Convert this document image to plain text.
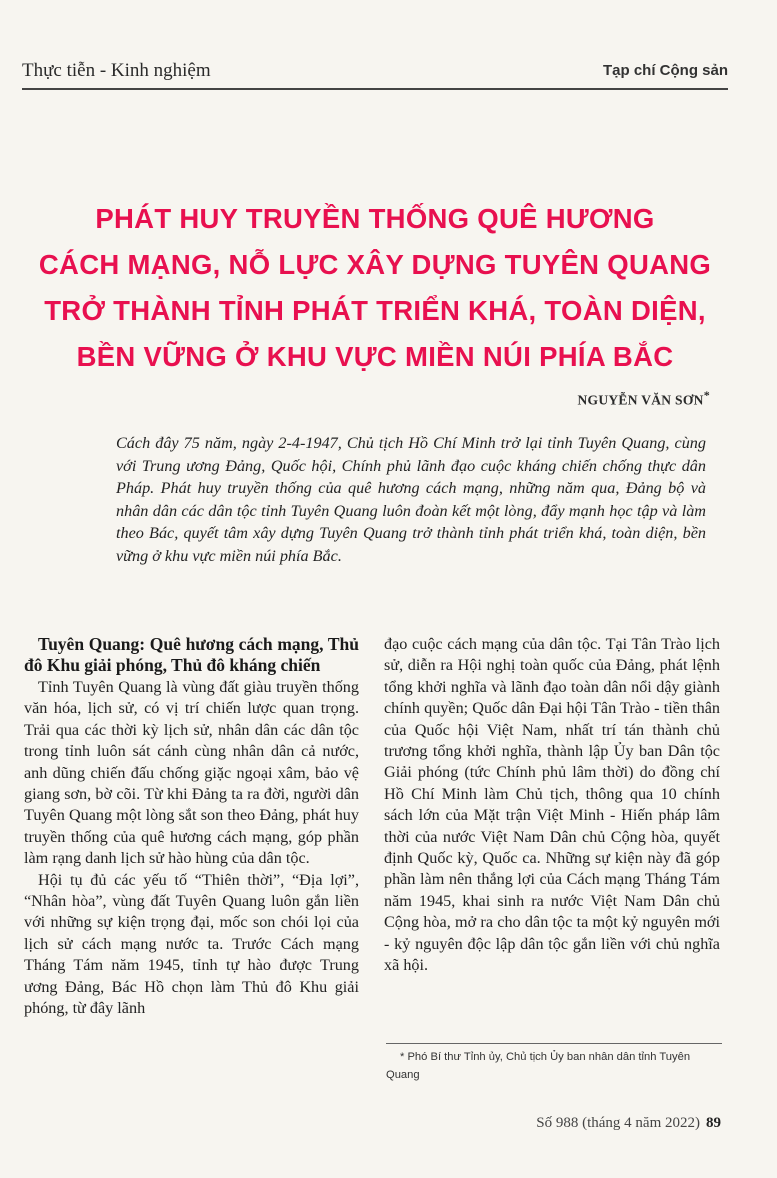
Thực tiễn - Kinh nghiệm	Tạp chí Cộng sản
PHÁT HUY TRUYỀN THỐNG QUÊ HƯƠNG
CÁCH MẠNG, NỖ LỰC XÂY DỰNG TUYÊN QUANG
TRỞ THÀNH TỈNH PHÁT TRIỂN KHÁ, TOÀN DIỆN,
BỀN VỮNG Ở KHU VỰC MIỀN NÚI PHÍA BẮC
NGUYỄN VĂN SƠN*

Cách đây 75 năm, ngày 2-4-1947, Chủ tịch Hồ Chí Minh trở lại tỉnh Tuyên Quang, cùng với Trung ương Đảng, Quốc hội, Chính phủ lãnh đạo cuộc kháng chiến chống thực dân Pháp. Phát huy truyền thống của quê hương cách mạng, những năm qua, Đảng bộ và nhân dân các dân tộc tỉnh Tuyên Quang luôn đoàn kết một lòng, đẩy mạnh học tập và làm theo Bác, quyết tâm xây dựng Tuyên Quang trở thành tỉnh phát triển khá, toàn diện, bền vững ở khu vực miền núi phía Bắc.

Tuyên Quang: Quê hương cách mạng, Thủ đô Khu giải phóng, Thủ đô kháng chiến

Tỉnh Tuyên Quang là vùng đất giàu truyền thống văn hóa, lịch sử, có vị trí chiến lược quan trọng. Trải qua các thời kỳ lịch sử, nhân dân các dân tộc trong tỉnh luôn sát cánh cùng nhân dân cả nước, anh dũng chiến đấu chống giặc ngoại xâm, bảo vệ giang sơn, bờ cõi. Từ khi Đảng ta ra đời, người dân Tuyên Quang một lòng sắt son theo Đảng, phát huy truyền thống của quê hương cách mạng, góp phần làm rạng danh lịch sử hào hùng của dân tộc.

Hội tụ đủ các yếu tố “Thiên thời”, “Địa lợi”, “Nhân hòa”, vùng đất Tuyên Quang luôn gắn liền với những sự kiện trọng đại, mốc son chói lọi của lịch sử cách mạng nước ta. Trước Cách mạng Tháng Tám năm 1945, tỉnh tự hào được Trung ương Đảng, Bác Hồ chọn làm Thủ đô Khu giải phóng, từ đây lãnh

đạo cuộc cách mạng của dân tộc. Tại Tân Trào lịch sử, diễn ra Hội nghị toàn quốc của Đảng, phát lệnh tổng khởi nghĩa và lãnh đạo toàn dân nổi dậy giành chính quyền; Quốc dân Đại hội Tân Trào - tiền thân của Quốc hội Việt Nam, nhất trí tán thành chủ trương tổng khởi nghĩa, thành lập Ủy ban Dân tộc Giải phóng (tức Chính phủ lâm thời) do đồng chí Hồ Chí Minh làm Chủ tịch, thông qua 10 chính sách lớn của Mặt trận Việt Minh - Hiến pháp lâm thời của nước Việt Nam Dân chủ Cộng hòa, quyết định Quốc kỳ, Quốc ca. Những sự kiện này đã góp phần làm nên thắng lợi của Cách mạng Tháng Tám năm 1945, khai sinh ra nước Việt Nam Dân chủ Cộng hòa, mở ra cho dân tộc ta một kỷ nguyên mới - kỷ nguyên độc lập dân tộc gắn liền với chủ nghĩa xã hội.

* Phó Bí thư Tỉnh ủy, Chủ tịch Ủy ban nhân dân tỉnh Tuyên Quang

Số 988 (tháng 4 năm 2022) 89
